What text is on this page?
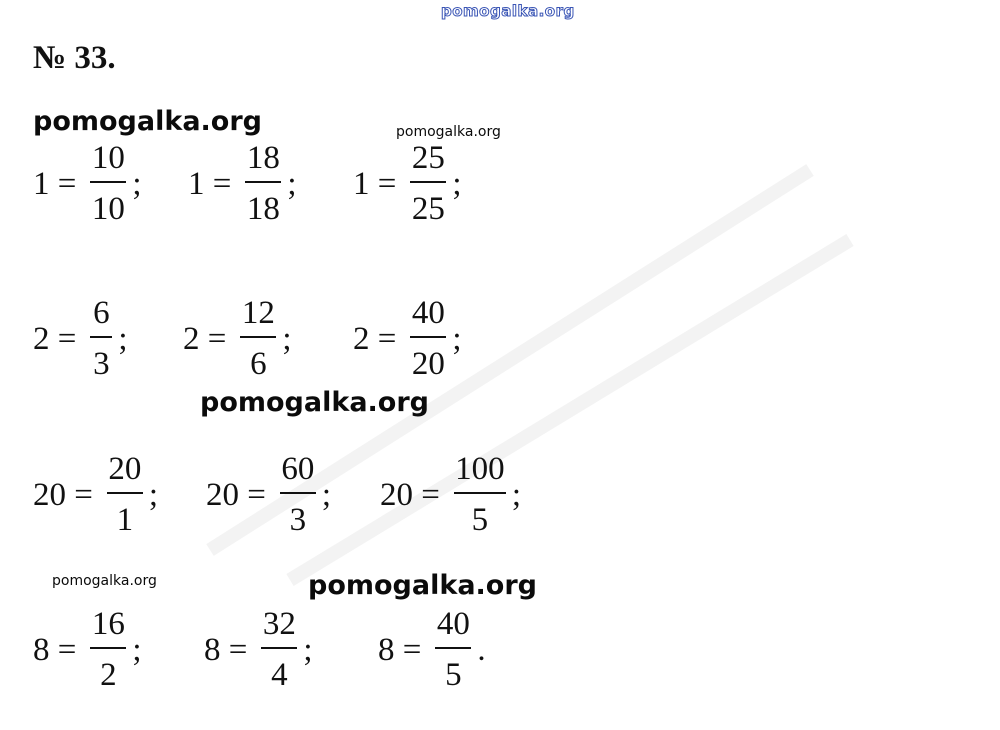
pomogalka.org
№ 33.
pomogalka.org	pomogalka.org
pomogalka.org
pomogalka.org	pomogalka.org
$1 = \frac{10}{10}$ ; $1 = \frac{18}{18}$ ; $1 = \frac{25}{25}$ ;
$2 = \frac{6}{3}$ ; $2 = \frac{12}{6}$ ; $2 = \frac{40}{20}$ ;
$20 = \frac{20}{1}$ ; $20 = \frac{60}{3}$ ; $20 = \frac{100}{5}$ ;
$8 = \frac{16}{2}$ ; $8 = \frac{32}{4}$ ; $8 = \frac{40}{5}$ .
